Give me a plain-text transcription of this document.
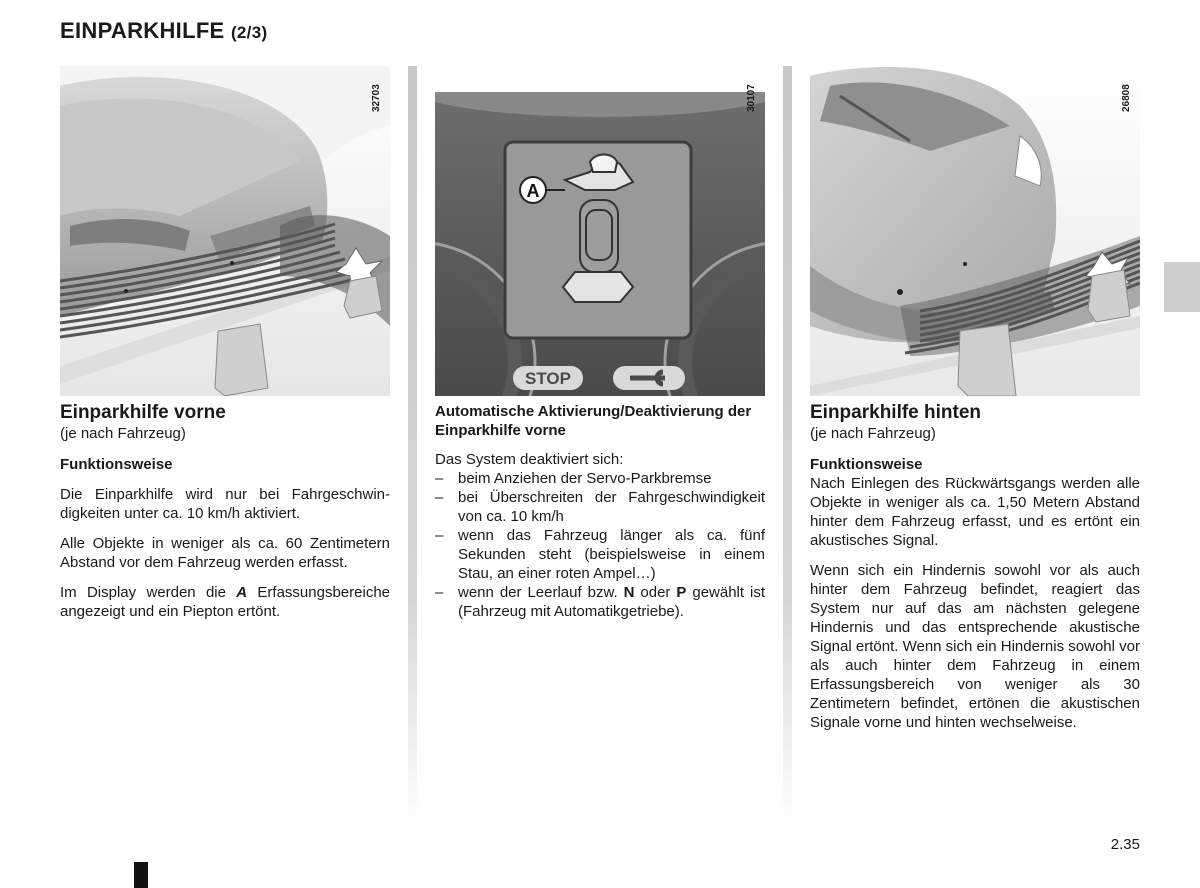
EINPARKHILFE (2/3)
32703
A
STOP
30107	26808
Einparkhilfe vorne
(je nach Fahrzeug)

Funktionsweise

Die Einparkhilfe wird nur bei Fahrgeschwindigkeiten unter ca. 10 km/h aktiviert.

Alle Objekte in weniger als ca. 60 Zentimetern Abstand vor dem Fahrzeug werden erfasst.

Im Display werden die A Erfassungsbereiche angezeigt und ein Piepton ertönt.

Automatische Aktivierung/Deaktivierung der Einparkhilfe vorne

Das System deaktiviert sich:

– beim Anziehen der Servo-Parkbremse
– bei Überschreiten der Fahrgeschwindigkeit von ca. 10 km/h
– wenn das Fahrzeug länger als ca. fünf Sekunden steht (beispielsweise in einem Stau, an einer roten Ampel…)
– wenn der Leerlauf bzw. N oder P gewählt ist (Fahrzeug mit Automatikgetriebe).
Einparkhilfe hinten
(je nach Fahrzeug)

Funktionsweise

Nach Einlegen des Rückwärtsgangs werden alle Objekte in weniger als ca. 1,50 Metern Abstand hinter dem Fahrzeug erfasst, und es ertönt ein akustisches Signal.

Wenn sich ein Hindernis sowohl vor als auch hinter dem Fahrzeug befindet, reagiert das System nur auf das am nächsten gelegene Hindernis und das entsprechende akustische Signal ertönt. Wenn sich ein Hindernis sowohl vor als auch hinter dem Fahrzeug in einem Erfassungsbereich von weniger als 30 Zentimetern befindet, ertönen die akustischen Signale vorne und hinten wechselweise.

2.35
